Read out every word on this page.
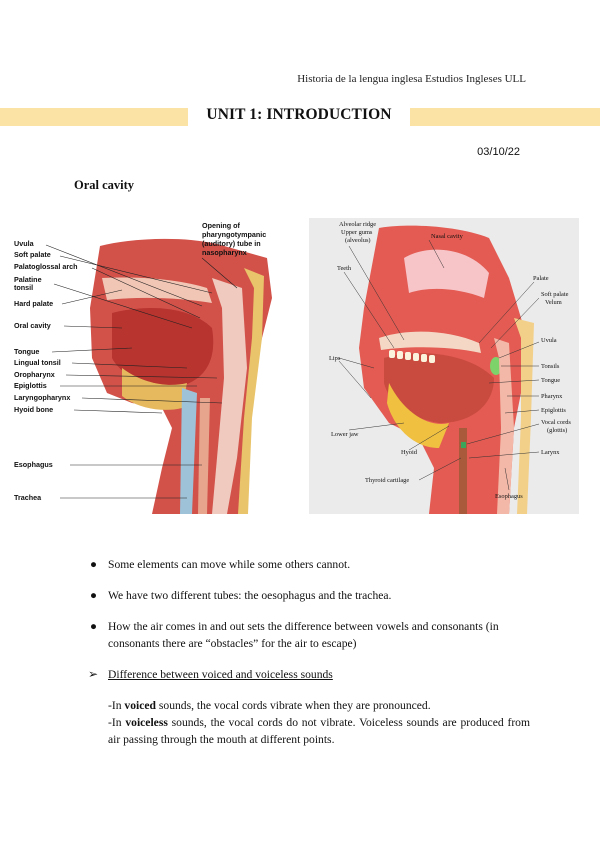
Historia de la lengua inglesa Estudios Ingleses ULL
UNIT 1: INTRODUCTION
03/10/22
Oral cavity
Uvula
Soft palate
Palatoglossal arch
Palatine
tonsil
Hard palate
Oral cavity
Tongue
Lingual tonsil
Oropharynx
Epiglottis
Laryngopharynx
Hyoid bone
Esophagus
Trachea
Opening of
pharyngotympanic
(auditory) tube in
nasopharynx
Alveolar ridge
Upper gums
(alveolus)
Nasal cavity
Teeth
Palate
Soft palate
Velum
Uvula
Lips
Tonsils
Tongue
Pharynx
Epiglottis
Vocal cords
(glottis)
Lower jaw
Hyoid	Larynx
Thyroid cartilage
Esophagus
● Some elements can move while some others cannot.
● We have two different tubes: the oesophagus and the trachea.
● How the air comes in and out sets the difference between vowels and consonants (in consonants there are “obstacles” for the air to escape)
➢ Difference between voiced and voiceless sounds

-In voiced sounds, the vocal cords vibrate when they are pronounced.

-In voiceless sounds, the vocal cords do not vibrate. Voiceless sounds are produced from air passing through the mouth at different points.
